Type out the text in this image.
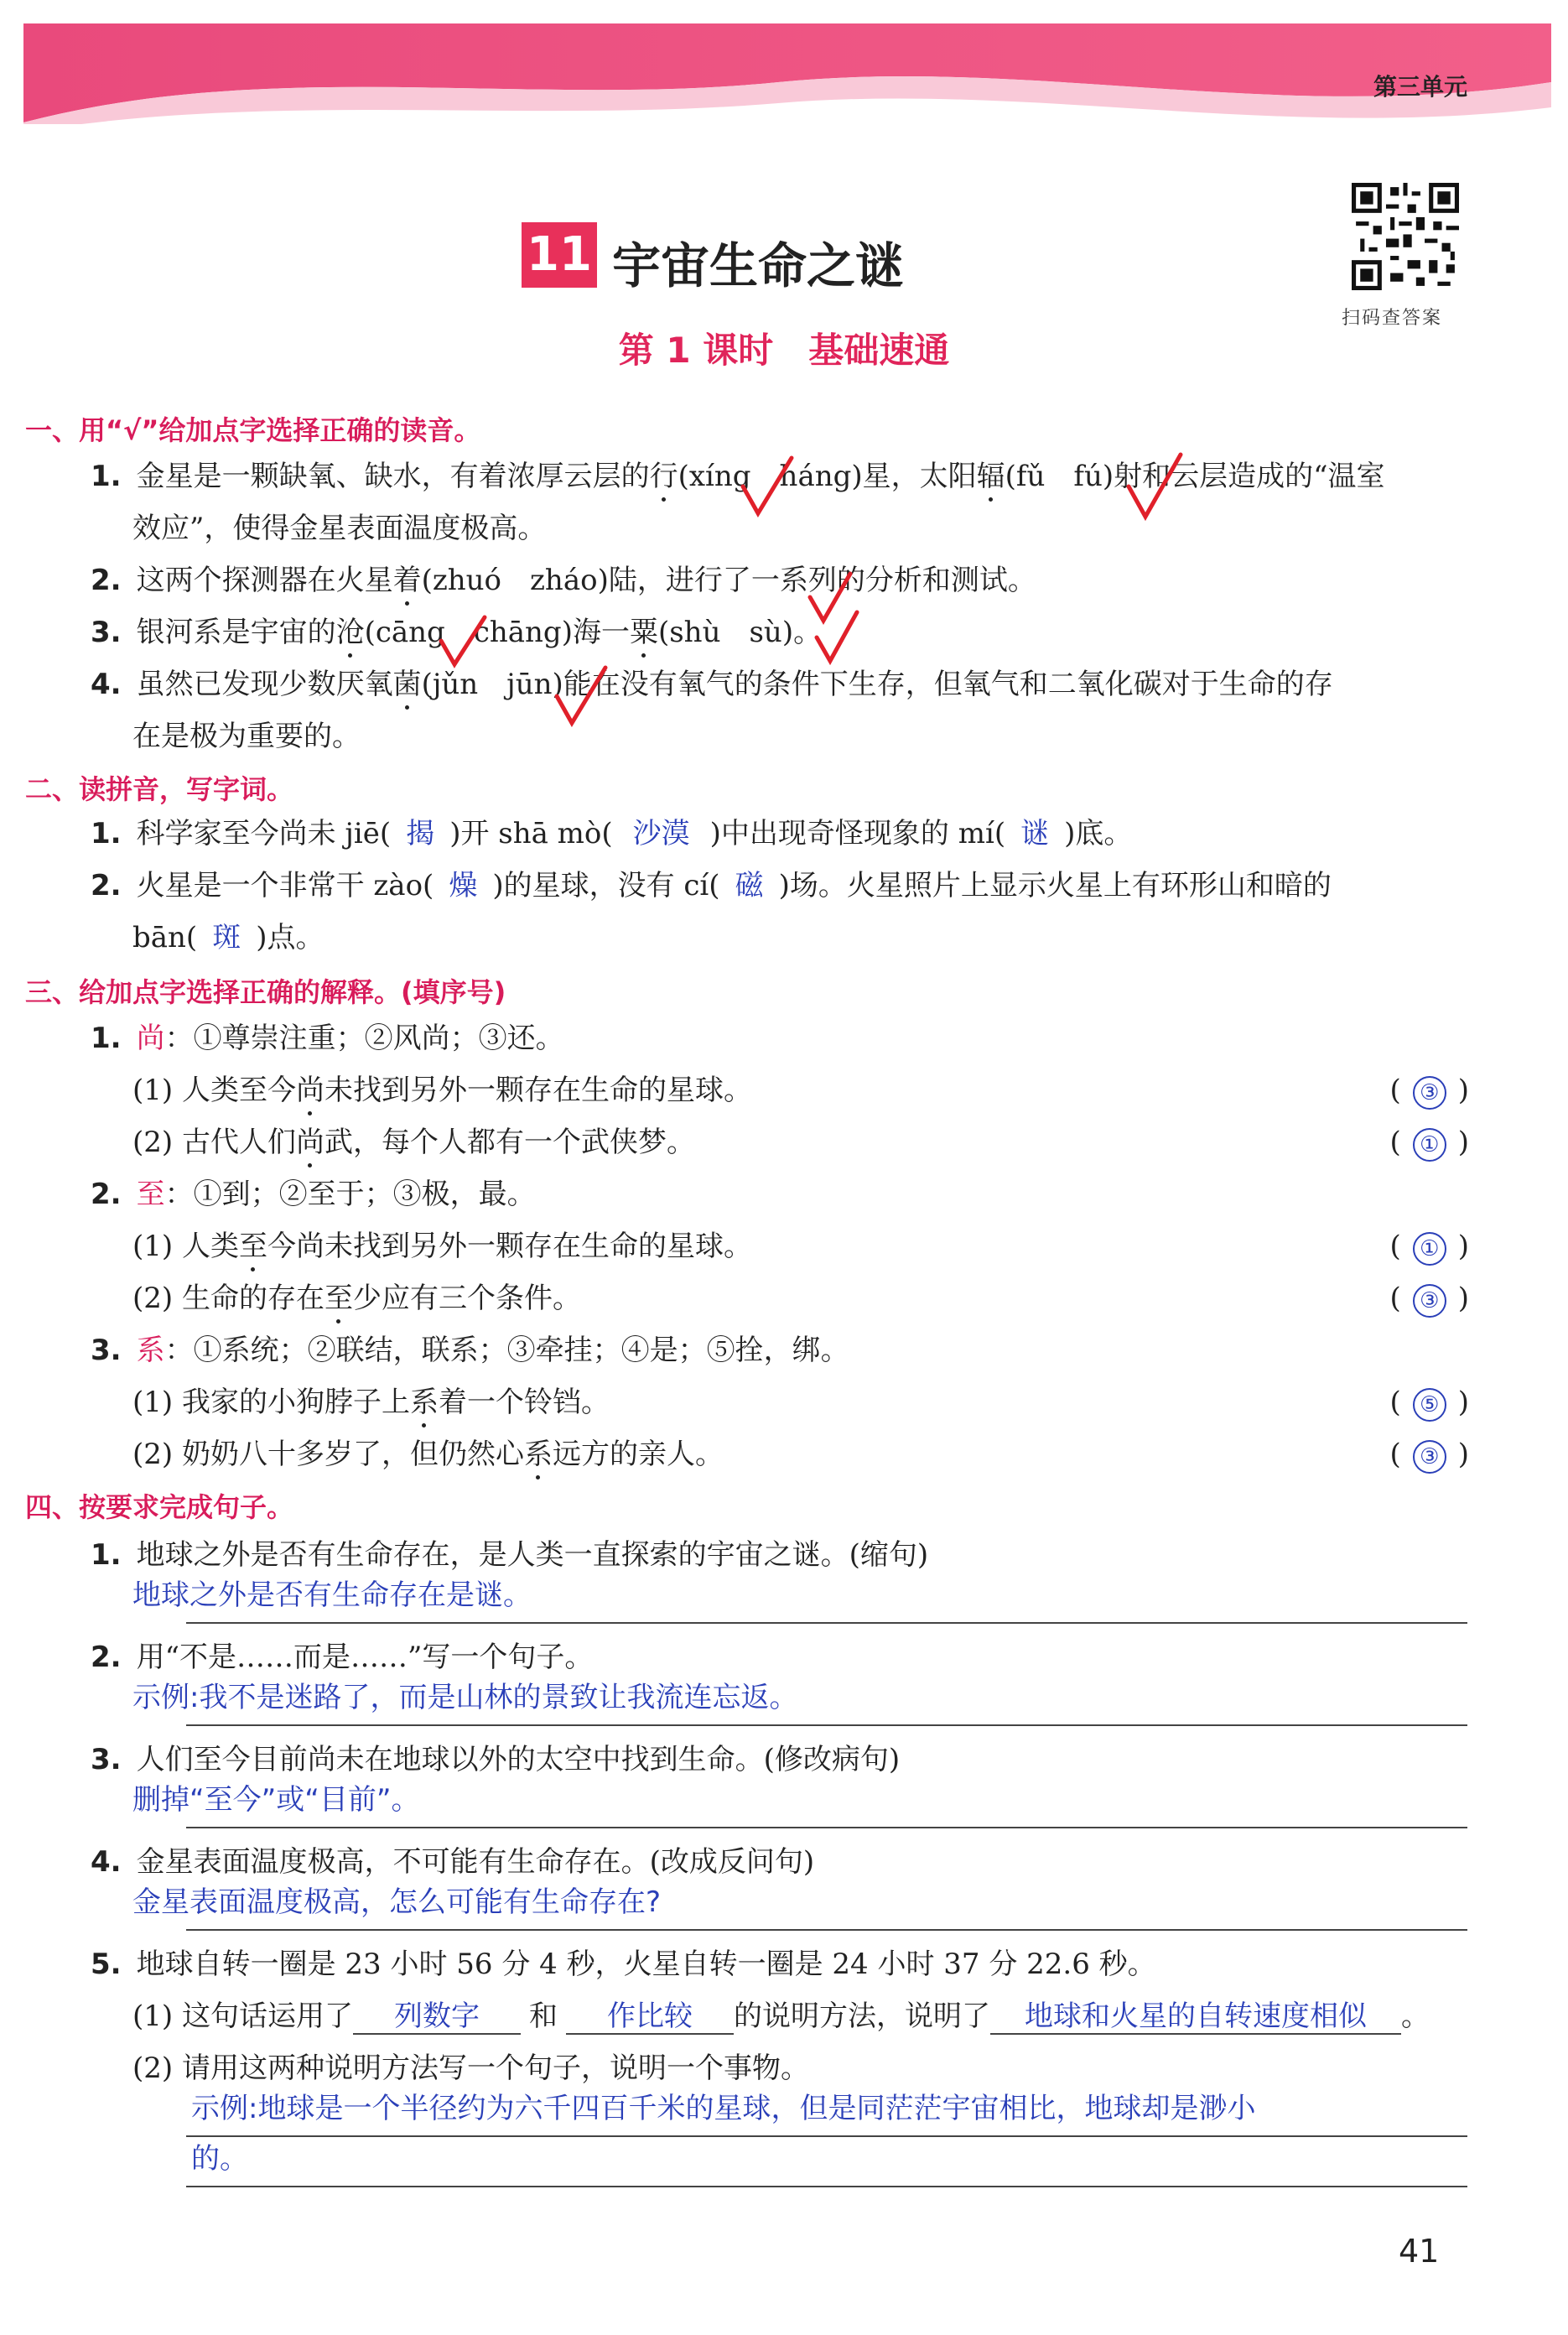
第三单元
11 宇宙生命之谜
第 1 课时　基础速通
扫码查答案
一、用“√”给加点字选择正确的读音。
1. 金星是一颗缺氧、缺水，有着浓厚云层的行(xíng　háng)星，太阳辐(fǔ　fú)射和云层造成的“温室
效应”，使得金星表面温度极高。
2. 这两个探测器在火星着(zhuó　zháo)陆，进行了一系列的分析和测试。
3. 银河系是宇宙的沧(cāng　chāng)海一粟(shù　sù)。
4. 虽然已发现少数厌氧菌(jǔn　jūn)能在没有氧气的条件下生存，但氧气和二氧化碳对于生命的存
在是极为重要的。
二、读拼音，写字词。
1. 科学家至今尚未 jiē( 揭 )开 shā mò( 沙漠 )中出现奇怪现象的 mí( 谜 )底。
2. 火星是一个非常干 zào( 燥 )的星球，没有 cí( 磁 )场。火星照片上显示火星上有环形山和暗的
bān( 斑 )点。
三、给加点字选择正确的解释。(填序号)
1. 尚：①尊崇注重；②风尚；③还。
(1) 人类至今尚未找到另外一颗存在生命的星球。	( ③ )
(2) 古代人们尚武，每个人都有一个武侠梦。	( ① )
2. 至：①到；②至于；③极，最。
(1) 人类至今尚未找到另外一颗存在生命的星球。	( ① )
(2) 生命的存在至少应有三个条件。	( ③ )
3. 系：①系统；②联结，联系；③牵挂；④是；⑤拴，绑。
(1) 我家的小狗脖子上系着一个铃铛。	( ⑤ )
(2) 奶奶八十多岁了，但仍然心系远方的亲人。	( ③ )
四、按要求完成句子。
1. 地球之外是否有生命存在，是人类一直探索的宇宙之谜。(缩句)
地球之外是否有生命存在是谜。
2. 用“不是……而是……”写一个句子。
示例:我不是迷路了，而是山林的景致让我流连忘返。
3. 人们至今目前尚未在地球以外的太空中找到生命。(修改病句)
删掉“至今”或“目前”。
4. 金星表面温度极高，不可能有生命存在。(改成反问句)
金星表面温度极高，怎么可能有生命存在?
5. 地球自转一圈是 23 小时 56 分 4 秒，火星自转一圈是 24 小时 37 分 22.6 秒。
(1) 这句话运用了 列数字 和 作比较 的说明方法，说明了 地球和火星的自转速度相似 。
(2) 请用这两种说明方法写一个句子，说明一个事物。
示例:地球是一个半径约为六千四百千米的星球，但是同茫茫宇宙相比，地球却是渺小
的。
41
